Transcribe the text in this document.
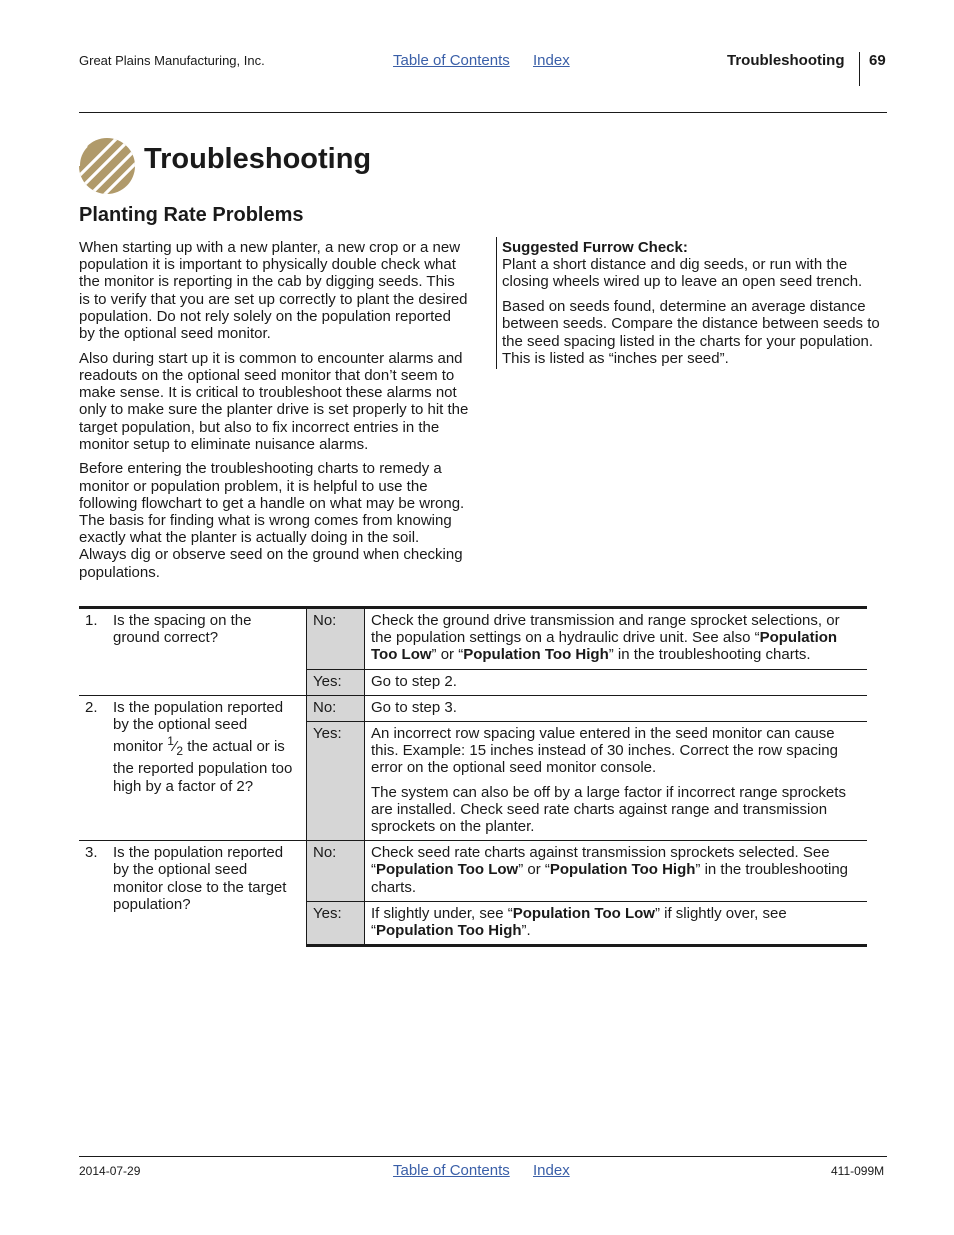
Great Plains Manufacturing, Inc.	Table of Contents Index	Troubleshooting 69
Troubleshooting
Planting Rate Problems

When starting up with a new planter, a new crop or a new population it is important to physically double check what the monitor is reporting in the cab by digging seeds. This is to verify that you are set up correctly to plant the desired population. Do not rely solely on the population reported by the optional seed monitor.

Also during start up it is common to encounter alarms and readouts on the optional seed monitor that don’t seem to make sense. It is critical to troubleshoot these alarms not only to make sure the planter drive is set properly to hit the target population, but also to fix incorrect entries in the monitor setup to eliminate nuisance alarms.

Before entering the troubleshooting charts to remedy a monitor or population problem, it is helpful to use the following flowchart to get a handle on what may be wrong. The basis for finding what is wrong comes from knowing exactly what the planter is actually doing in the soil. Always dig or observe seed on the ground when checking populations.

Suggested Furrow Check:
Plant a short distance and dig seeds, or run with the closing wheels wired up to leave an open seed trench.

Based on seeds found, determine an average distance between seeds. Compare the distance between seeds to the seed spacing listed in the charts for your population. This is listed as “inches per seed”.

1. Is the spacing on the ground correct?	No:	Check the ground drive transmission and range sprocket selections, or the population settings on a hydraulic drive unit. See also “Population Too Low” or “Population Too High” in the troubleshooting charts.
	Yes:	Go to step 2.
2. Is the population reported by the optional seed monitor $^1⁄_2$ the actual or is the reported population too high by a factor of 2?	No:	Go to step 3.
	Yes:	An incorrect row spacing value entered in the seed monitor can cause this. Example: 15 inches instead of 30 inches. Correct the row spacing error on the optional seed monitor console.

The system can also be off by a large factor if incorrect range sprockets are installed. Check seed rate charts against range and transmission sprockets on the planter.

3. Is the population reported by the optional seed monitor close to the target population?	No:	Check seed rate charts against transmission sprockets selected. See “Population Too Low” or “Population Too High” in the troubleshooting charts.
	Yes:	If slightly under, see “Population Too Low” if slightly over, see “Population Too High”.
2014-07-29	Table of Contents Index	411-099M
